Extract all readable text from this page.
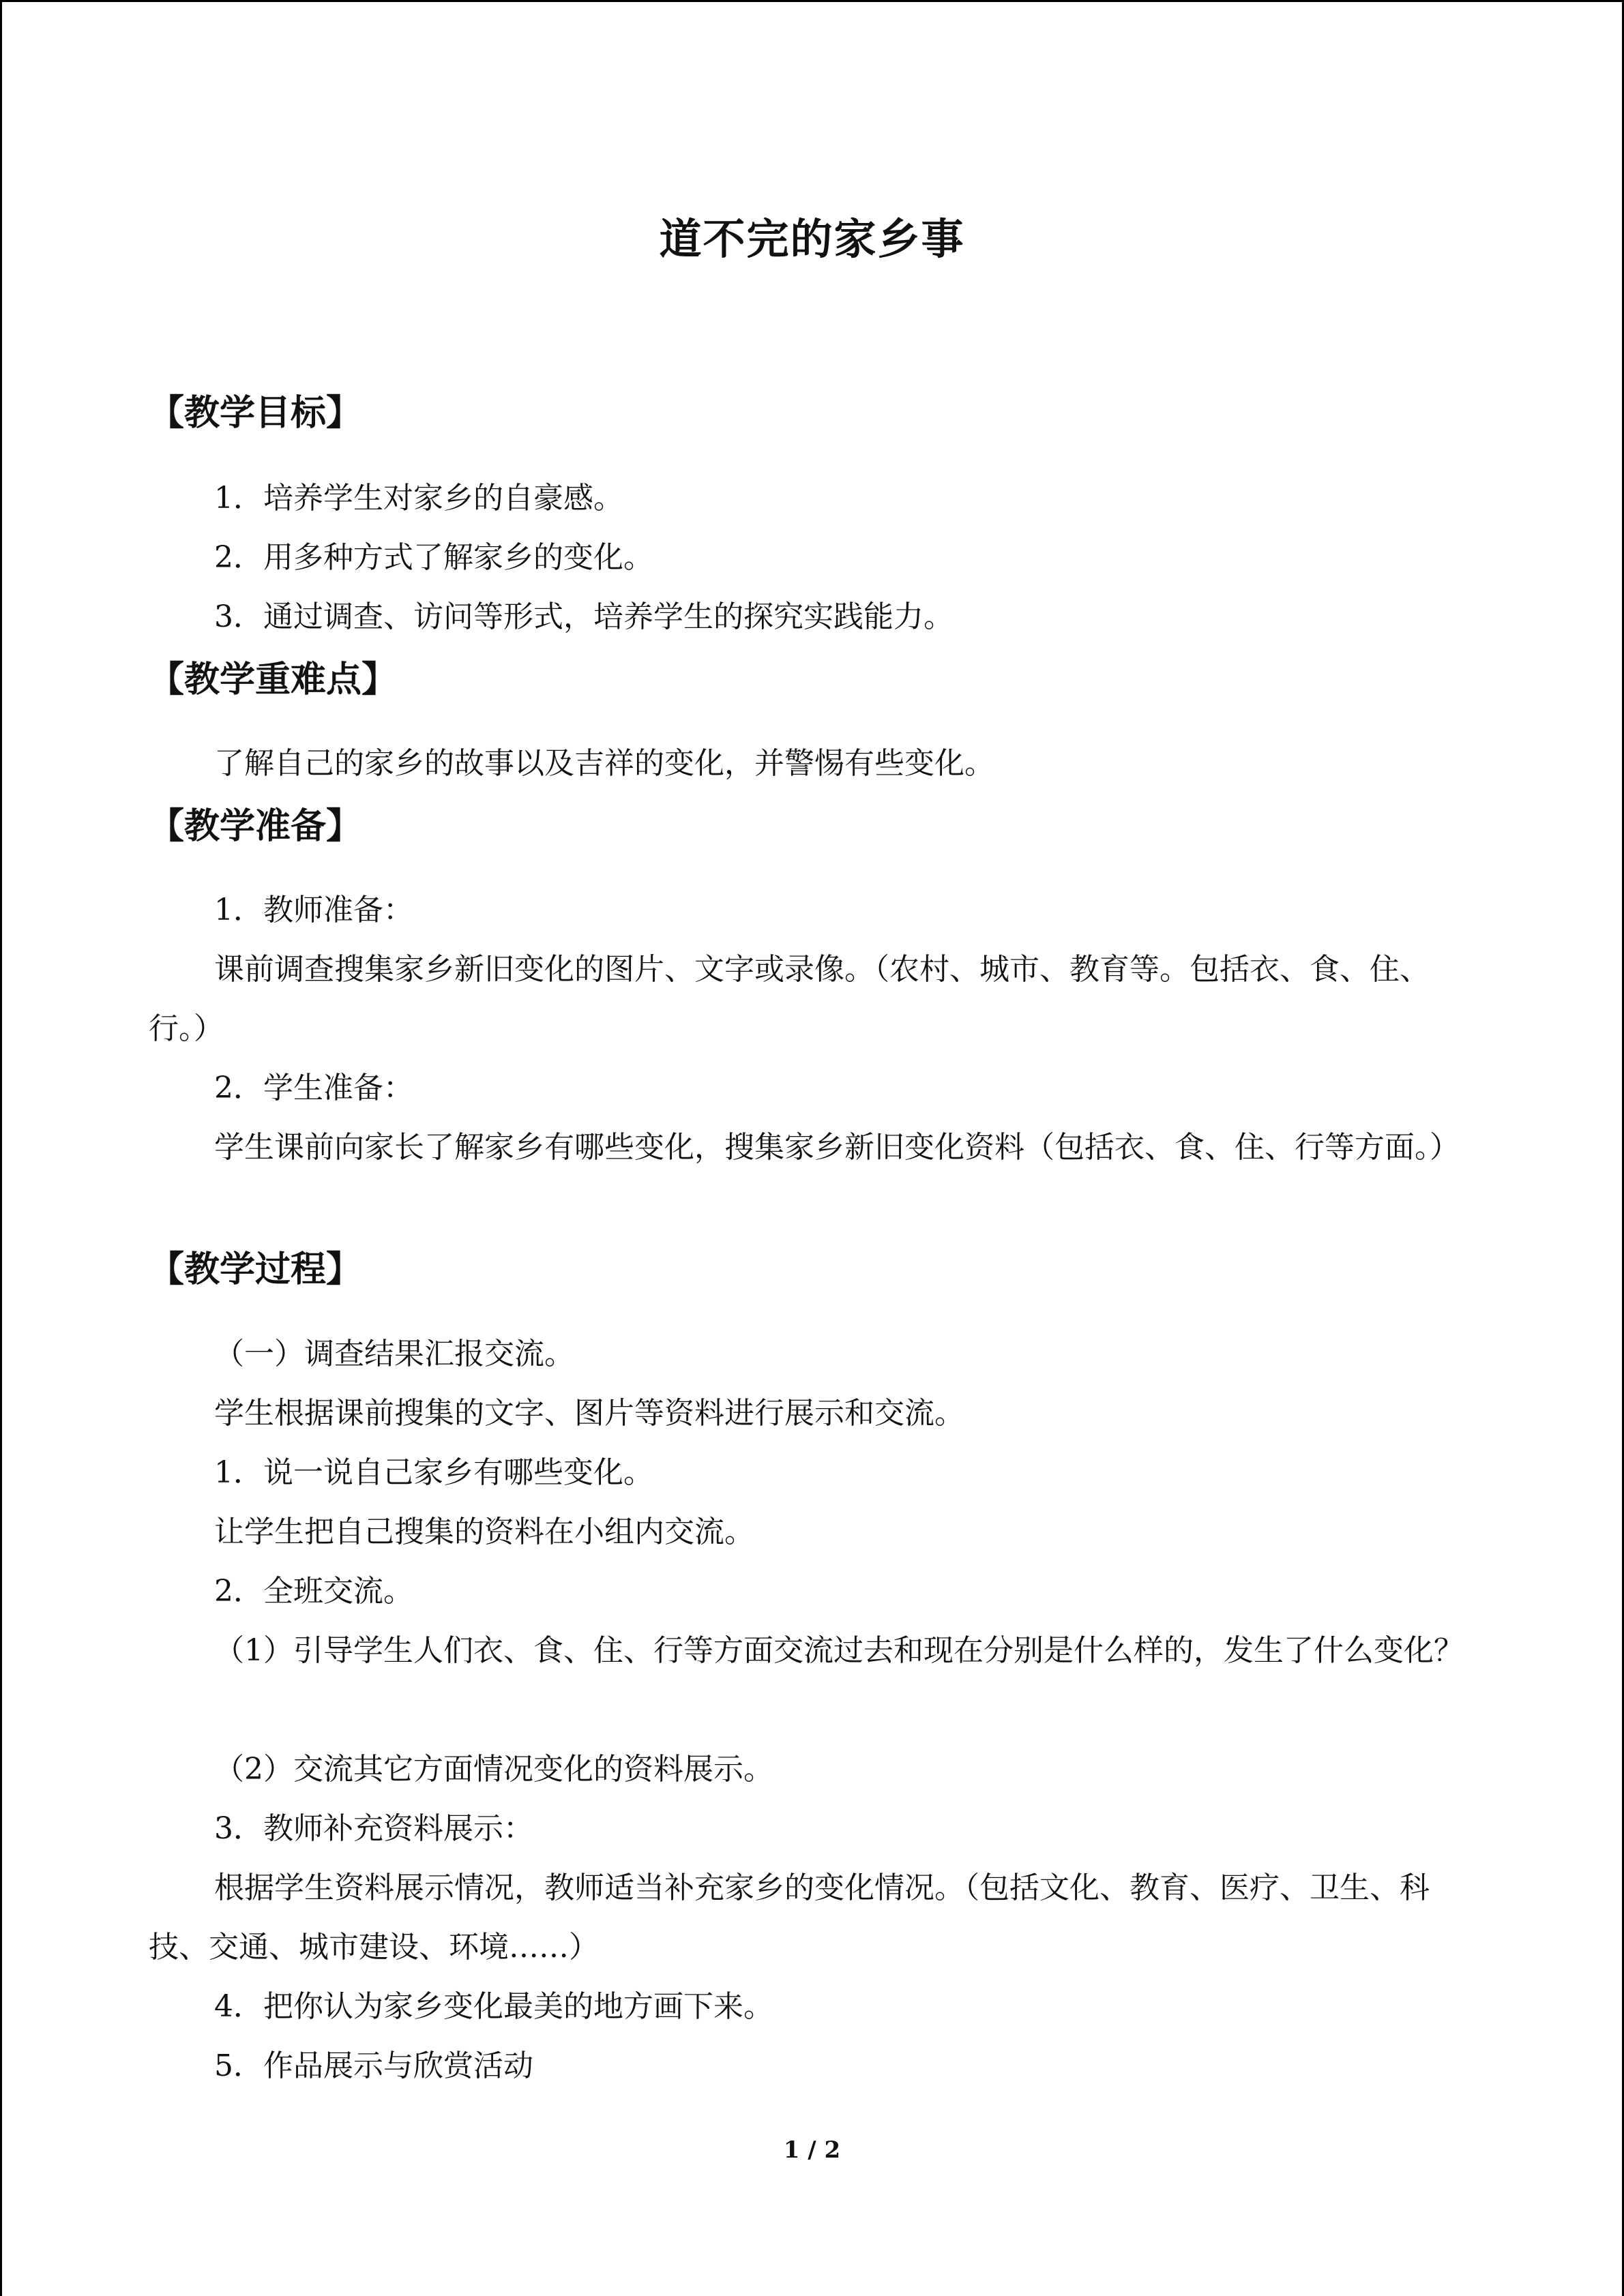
道不完的家乡事
【教学目标】
1．培养学生对家乡的自豪感。
2．用多种方式了解家乡的变化。
3．通过调查、访问等形式，培养学生的探究实践能力。
【教学重难点】
了解自己的家乡的故事以及吉祥的变化，并警惕有些变化。
【教学准备】
1．教师准备：
课前调查搜集家乡新旧变化的图片、文字或录像。（农村、城市、教育等。包括衣、食、住、行。）
2．学生准备：
学生课前向家长了解家乡有哪些变化，搜集家乡新旧变化资料（包括衣、食、住、行等方面。）
【教学过程】
（一）调查结果汇报交流。
学生根据课前搜集的文字、图片等资料进行展示和交流。
1．说一说自己家乡有哪些变化。
让学生把自己搜集的资料在小组内交流。
2．全班交流。
（1）引导学生人们衣、食、住、行等方面交流过去和现在分别是什么样的，发生了什么变化？
（2）交流其它方面情况变化的资料展示。
3．教师补充资料展示：
根据学生资料展示情况，教师适当补充家乡的变化情况。（包括文化、教育、医疗、卫生、科技、交通、城市建设、环境……）
4．把你认为家乡变化最美的地方画下来。
5．作品展示与欣赏活动
1 / 2
